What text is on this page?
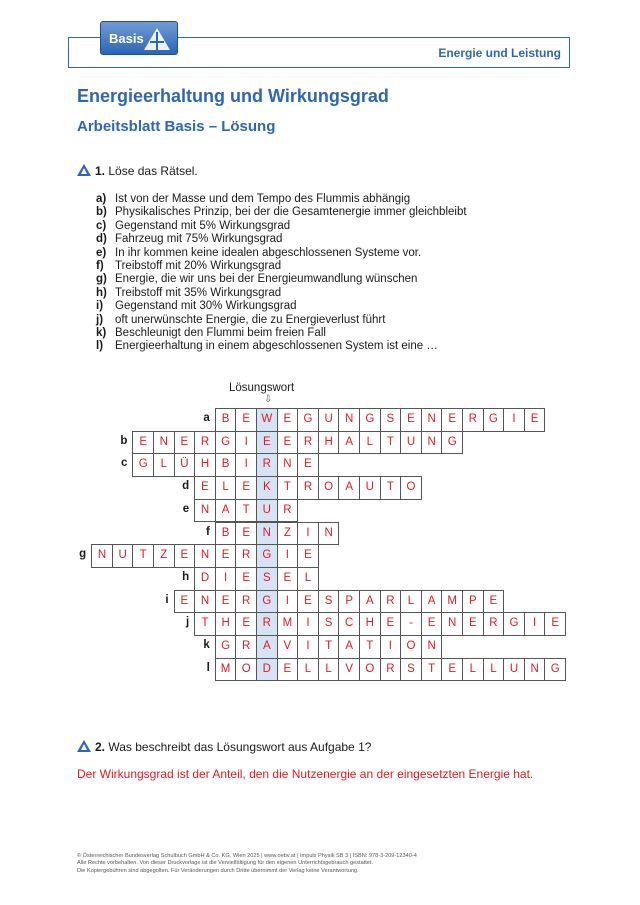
Energie und Leistung
Basis
Energieerhaltung und Wirkungsgrad
Arbeitsblatt Basis – Lösung
1. Löse das Rätsel.
a) Ist von der Masse und dem Tempo des Flummis abhängig
b) Physikalisches Prinzip, bei der die Gesamtenergie immer gleichbleibt
c) Gegenstand mit 5% Wirkungsgrad
d) Fahrzeug mit 75% Wirkungsgrad
e) In ihr kommen keine idealen abgeschlossenen Systeme vor.
f) Treibstoff mit 20% Wirkungsgrad
g) Energie, die wir uns bei der Energieumwandlung wünschen
h) Treibstoff mit 35% Wirkungsgrad
i) Gegenstand mit 30% Wirkungsgrad
j) oft unerwünschte Energie, die zu Energieverlust führt
k) Beschleunigt den Flummi beim freien Fall
l) Energieerhaltung in einem abgeschlossenen System ist eine …
Lösungswort
⇩
a	B	E W E	G	U	N	G	S	E	N	E	R	G	I	E
b	E	N	E	R	G	I	E	E	R	H	A	L	T	U	N	G
c G	L	Ü	H	B	I	R	N	E
d	E	L	E	K	T	R	O	A	U	T	O
e	N	A	T	U	R
f	B	E	N	Z	I	N
g	N	U	T	Z	E	N	E	R	G	I	E
h	D	I	E	S	E	L
i	E	N	E	R	G	I	E	S	P	A	R	L	A	M	P	E
j	T	H	E	R	M	I	S	C	H	E	-	E	N	E	R	G	I	E
k G	R	A	V	I	T	A	T	I	O	N
l M O	D	E	L	L	V	O	R	S	T	E	L	L	U	N	G
2. Was beschreibt das Lösungswort aus Aufgabe 1?

Der Wirkungsgrad ist der Anteil, den die Nutzenergie an der eingesetzten Energie hat.

© Österreichischer Bundesverlag Schulbuch GmbH & Co. KG, Wien 2025 | www.oebv.at | Impuls Physik SB 3 | ISBN: 978-3-209-12340-4
Alle Rechte vorbehalten. Von dieser Druckvorlage ist die Vervielfältigung für den eigenen Unterrichtsgebrauch gestattet.
Die Kopiergebühren sind abgegolten. Für Veränderungen durch Dritte übernimmt der Verlag keine Verantwortung.
